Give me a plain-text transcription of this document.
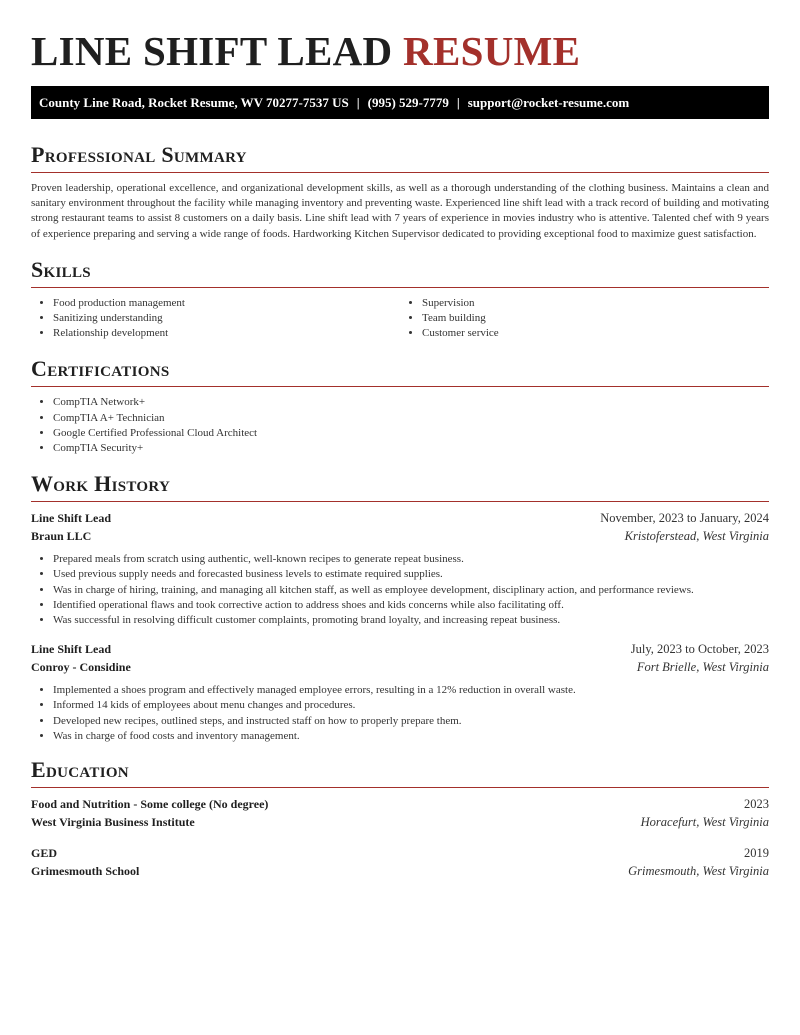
LINE SHIFT LEAD RESUME
County Line Road, Rocket Resume, WV 70277-7537 US | (995) 529-7779 | support@rocket-resume.com
Professional Summary

Proven leadership, operational excellence, and organizational development skills, as well as a thorough understanding of the clothing business. Maintains a clean and sanitary environment throughout the facility while managing inventory and preventing waste. Experienced line shift lead with a track record of building and motivating strong restaurant teams to assist 8 customers on a daily basis. Line shift lead with 7 years of experience in movies industry who is attentive. Talented chef with 9 years of experience preparing and serving a wide range of foods. Hardworking Kitchen Supervisor dedicated to providing exceptional food to maximize guest satisfaction.

Skills
• Food production management
• Sanitizing understanding
• Relationship development
• Supervision
• Team building
• Customer service
Certifications
• CompTIA Network+
• CompTIA A+ Technician
• Google Certified Professional Cloud Architect
• CompTIA Security+
Work History
Line Shift Lead	November, 2023 to January, 2024
Braun LLC	Kristoferstead, West Virginia
• Prepared meals from scratch using authentic, well-known recipes to generate repeat business.
• Used previous supply needs and forecasted business levels to estimate required supplies.
• Was in charge of hiring, training, and managing all kitchen staff, as well as employee development, disciplinary action, and performance reviews.
• Identified operational flaws and took corrective action to address shoes and kids concerns while also facilitating off.
• Was successful in resolving difficult customer complaints, promoting brand loyalty, and increasing repeat business.
Line Shift Lead	July, 2023 to October, 2023
Conroy - Considine	Fort Brielle, West Virginia
• Implemented a shoes program and effectively managed employee errors, resulting in a 12% reduction in overall waste.
• Informed 14 kids of employees about menu changes and procedures.
• Developed new recipes, outlined steps, and instructed staff on how to properly prepare them.
• Was in charge of food costs and inventory management.
Education
Food and Nutrition - Some college (No degree)	2023
West Virginia Business Institute	Horacefurt, West Virginia
GED	2019
Grimesmouth School	Grimesmouth, West Virginia
